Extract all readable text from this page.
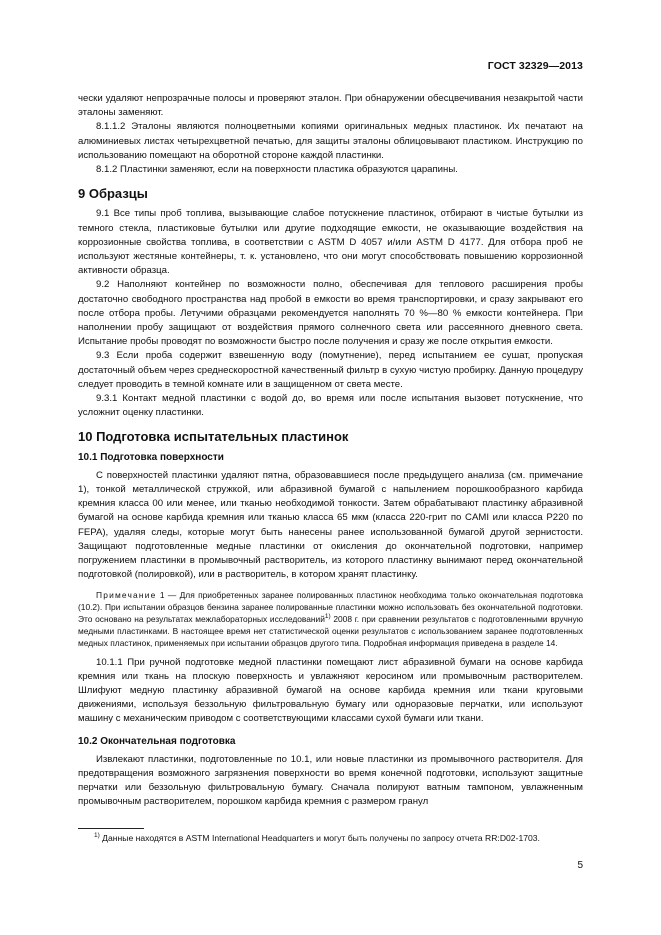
ГОСТ 32329—2013

чески удаляют непрозрачные полосы и проверяют эталон. При обнаружении обесцвечивания незакрытой части эталоны заменяют.

8.1.1.2 Эталоны являются полноцветными копиями оригинальных медных пластинок. Их печатают на алюминиевых листах четырехцветной печатью, для защиты эталоны облицовывают пластиком. Инструкцию по использованию помещают на оборотной стороне каждой пластинки.

8.1.2 Пластинки заменяют, если на поверхности пластика образуются царапины.

9 Образцы

9.1 Все типы проб топлива, вызывающие слабое потускнение пластинок, отбирают в чистые бутылки из темного стекла, пластиковые бутылки или другие подходящие емкости, не оказывающие воздействия на коррозионные свойства топлива, в соответствии с ASTM D 4057 и/или ASTM D 4177. Для отбора проб не используют жестяные контейнеры, т. к. установлено, что они могут способствовать повышению коррозионной активности образца.

9.2 Наполняют контейнер по возможности полно, обеспечивая для теплового расширения пробы достаточно свободного пространства над пробой в емкости во время транспортировки, и сразу закрывают его после отбора пробы. Летучими образцами рекомендуется наполнять 70 %—80 % емкости контейнера. При наполнении пробу защищают от воздействия прямого солнечного света или рассеянного дневного света. Испытание пробы проводят по возможности быстро после получения и сразу же после открытия емкости.

9.3 Если проба содержит взвешенную воду (помутнение), перед испытанием ее сушат, пропуская достаточный объем через среднескоростной качественный фильтр в сухую чистую пробирку. Данную процедуру следует проводить в темной комнате или в защищенном от света месте.

9.3.1 Контакт медной пластинки с водой до, во время или после испытания вызовет потускнение, что усложнит оценку пластинки.

10 Подготовка испытательных пластинок
10.1 Подготовка поверхности

С поверхностей пластинки удаляют пятна, образовавшиеся после предыдущего анализа (см. примечание 1), тонкой металлической стружкой, или абразивной бумагой с напылением порошкообразного карбида кремния класса 00 или менее, или тканью необходимой тонкости. Затем обрабатывают пластинку абразивной бумагой на основе карбида кремния или тканью класса 65 мкм (класса 220-грит по CAMI или класса Р220 по FEPA), удаляя следы, которые могут быть нанесены ранее использованной бумагой другой зернистости. Защищают подготовленные медные пластинки от окисления до окончательной подготовки, например погружением пластинки в промывочный растворитель, из которого пластинку вынимают перед окончательной подготовкой (полировкой), или в растворитель, в котором хранят пластинку.

Примечание 1 — Для приобретенных заранее полированных пластинок необходима только окончательная подготовка (10.2). При испытании образцов бензина заранее полированные пластинки можно использовать без окончательной подготовки. Это основано на результатах межлабораторных исследований$^{1)}$ 2008 г. при сравнении результатов с подготовленными вручную медными пластинками. В настоящее время нет статистической оценки результатов с использованием заранее подготовленных медных пластинок, применяемых при испытании образцов другого типа. Подробная информация приведена в разделе 14.

10.1.1 При ручной подготовке медной пластинки помещают лист абразивной бумаги на основе карбида кремния или ткань на плоскую поверхность и увлажняют керосином или промывочным растворителем. Шлифуют медную пластинку абразивной бумагой на основе карбида кремния или ткани круговыми движениями, используя беззольную фильтровальную бумагу или одноразовые перчатки, или используют машину с механическим приводом с соответствующими классами сухой бумаги или ткани.

10.2 Окончательная подготовка

Извлекают пластинки, подготовленные по 10.1, или новые пластинки из промывочного растворителя. Для предотвращения возможного загрязнения поверхности во время конечной подготовки, используют защитные перчатки или беззольную фильтровальную бумагу. Сначала полируют ватным тампоном, увлажненным промывочным растворителем, порошком карбида кремния с размером гранул

$^{1)}$ Данные находятся в ASTM International Headquarters и могут быть получены по запросу отчета RR:D02-1703.
5
